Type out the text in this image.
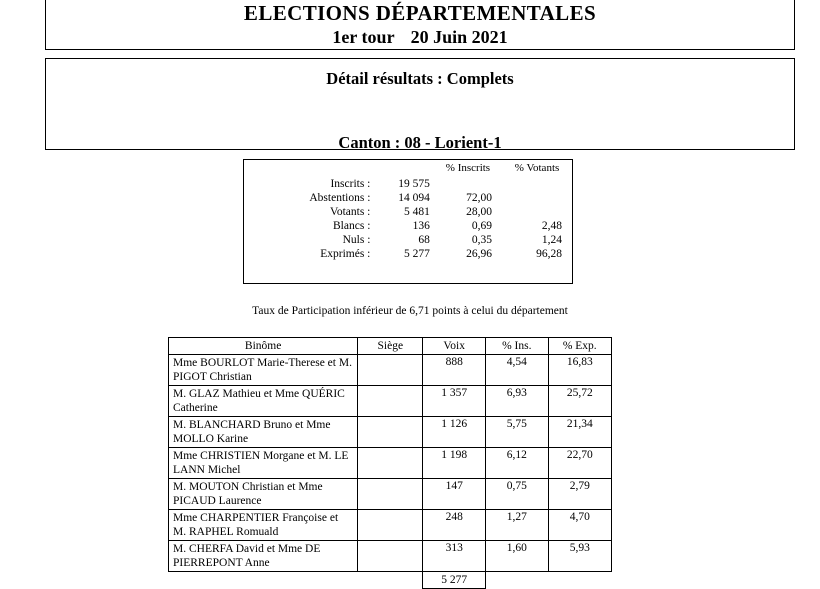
ELECTIONS DÉPARTEMENTALES
1er tour 20 Juin 2021
Détail résultats : Complets
Canton : 08 - Lorient-1
		% Inscrits	% Votants
Inscrits :	19 575		
Abstentions :	14 094	72,00	
Votants :	5 481	28,00	
Blancs :	136	0,69	2,48
Nuls :	68	0,35	1,24
Exprimés :	5 277	26,96	96,28
Taux de Participation inférieur de 6,71 points à celui du département
Binôme	Siège	Voix	% Ins.	% Exp.
Mme BOURLOT Marie-Therese et M. PIGOT Christian		888	4,54	16,83
M. GLAZ Mathieu et Mme QUÉRIC Catherine		1 357	6,93	25,72
M. BLANCHARD Bruno et Mme MOLLO Karine		1 126	5,75	21,34
Mme CHRISTIEN Morgane et M. LE LANN Michel		1 198	6,12	22,70
M. MOUTON Christian et Mme PICAUD Laurence		147	0,75	2,79
Mme CHARPENTIER Françoise et M. RAPHEL Romuald		248	1,27	4,70
M. CHERFA David et Mme DE PIERREPONT Anne		313	1,60	5,93
		5 277		
